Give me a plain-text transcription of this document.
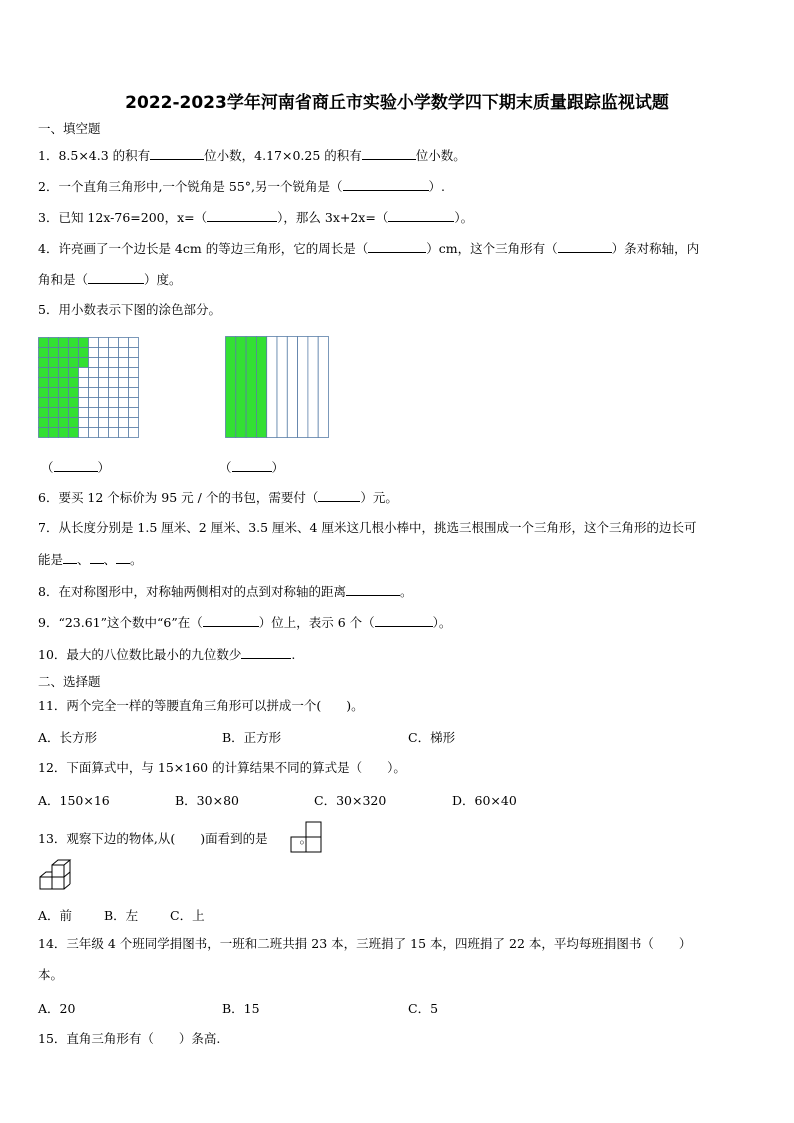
2022-2023学年河南省商丘市实验小学数学四下期末质量跟踪监视试题
一、填空题
1．8.5×4.3 的积有	位小数，4.17×0.25 的积有	位小数。
2．一个直角三角形中,一个锐角是 55°,另一个锐角是（	）.
3．已知 12x-76=200，x=（	），那么 3x+2x=（	）。
4．许亮画了一个边长是 4cm 的等边三角形，它的周长是（	）cm，这个三角形有（	）条对称轴，内
角和是（	）度。
5．用小数表示下图的涂色部分。
（	）	（	）
6．要买 12 个标价为 95 元 / 个的书包，需要付（	）元。
7．从长度分别是 1.5 厘米、2 厘米、3.5 厘米、4 厘米这几根小棒中，挑选三根围成一个三角形，这个三角形的边长可
能是 、 、 。
8．在对称图形中，对称轴两侧相对的点到对称轴的距离	。
9．“23.61”这个数中“6”在（	）位上，表示 6 个（	）。
10．最大的八位数比最小的九位数少	.
二、选择题
11．两个完全一样的等腰直角三角形可以拼成一个(　　)。
A．长方形	B．正方形	C．梯形
12．下面算式中，与 15×160 的计算结果不同的算式是（　　）。
A．150×16	B．30×80	C．30×320	D．60×40
13．观察下边的物体,从(　　)面看到的是	。
A．前	B．左	C．上
14．三年级 4 个班同学捐图书，一班和二班共捐 23 本，三班捐了 15 本，四班捐了 22 本，平均每班捐图书（　　）
本。
A．20	B．15	C．5
15．直角三角形有（　　）条高.
